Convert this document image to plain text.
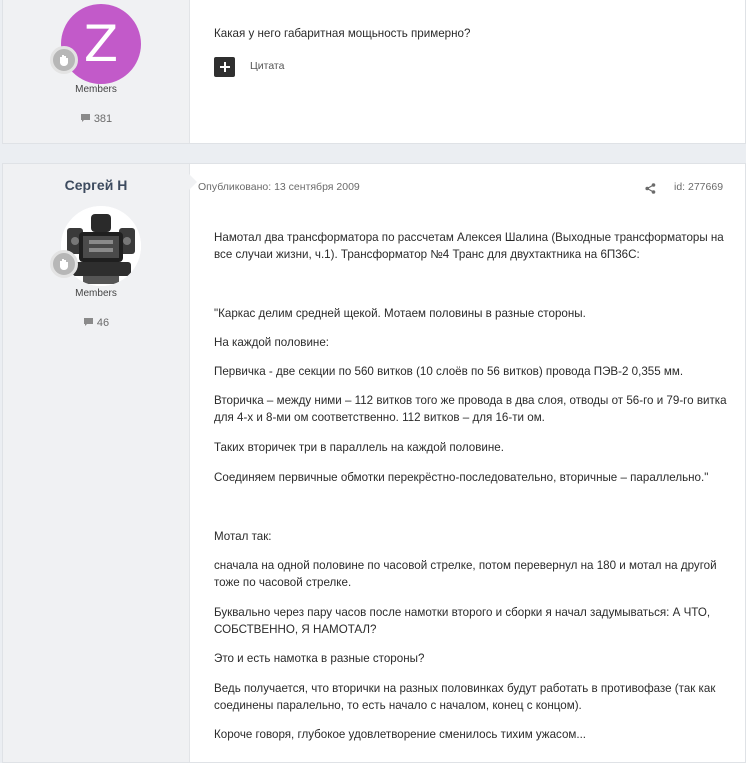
Z
Members
381

Какая у него габаритная мощьность примерно?

Цитата
Сергей Н
Members
46
Опубликовано: 13 сентября 2009	id: 277669

Намотал два трансформатора по рассчетам Алексея Шалина (Выходные трансформаторы на все случаи жизни, ч.1). Трансформатор №4 Транс для двухтактника на 6П36С:

"Каркас делим средней щекой. Мотаем половины в разные стороны.

На каждой половине:

Первичка - две секции по 560 витков (10 слоёв по 56 витков) провода ПЭВ-2 0,355 мм.

Вторичка – между ними – 112 витков того же провода в два слоя, отводы от 56-го и 79-го витка для 4-х и 8-ми ом соответственно. 112 витков – для 16-ти ом.

Таких вторичек три в параллель на каждой половине.

Соединяем первичные обмотки перекрёстно-последовательно, вторичные – параллельно."

Мотал так:

сначала на одной половине по часовой стрелке, потом перевернул на 180 и мотал на другой тоже по часовой стрелке.

Буквально через пару часов после намотки второго и сборки я начал задумываться: А ЧТО, СОБСТВЕННО, Я НАМОТАЛ?

Это и есть намотка в разные стороны?

Ведь получается, что вторички на разных половинках будут работать в противофазе (так как соединены паралельно, то есть начало с началом, конец с концом).

Короче говоря, глубокое удовлетворение сменилось тихим ужасом...
